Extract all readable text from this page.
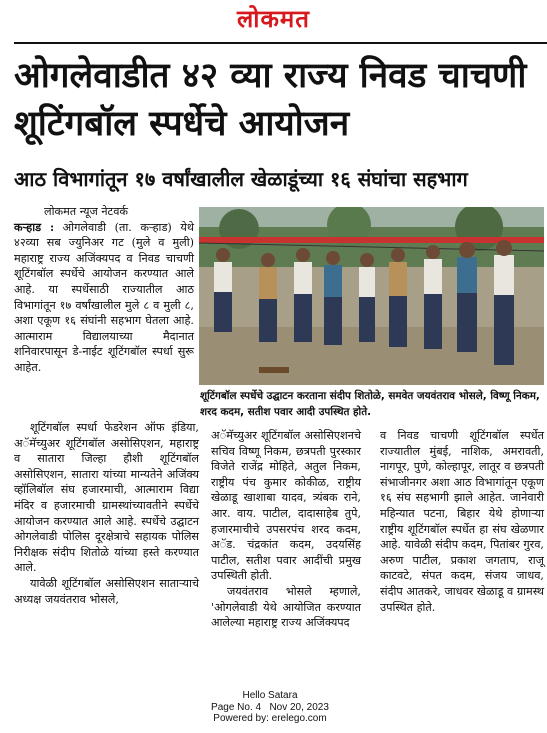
लोकमत
ओगलेवाडीत ४२ व्या राज्य निवड चाचणी शूटिंगबॉल स्पर्धेचे आयोजन
आठ विभागांतून १७ वर्षांखालील खेळाडूंच्या १६ संघांचा सहभाग

लोकमत न्यूज नेटवर्क

कऱ्हाड : ओगलेवाडी (ता. कऱ्हाड) येथे ४२व्या सब ज्युनिअर गट (मुले व मुली) महाराष्ट्र राज्य अजिंक्यपद व निवड चाचणी शूटिंगबॉल स्पर्धेचे आयोजन करण्यात आले आहे. या स्पर्धेसाठी राज्यातील आठ विभागांतून १७ वर्षांखालील मुले ८ व मुली ८, अशा एकूण १६ संघांनी सहभाग घेतला आहे. आत्माराम विद्यालयाच्या मैदानात शनिवारपासून डे-नाईट शूटिंगबॉल स्पर्धा सुरू आहेत.

शूटिंगबॉल स्पर्धा फेडरेशन ऑफ इंडिया, अॅमॅच्युअर शूटिंगबॉल असोसिएशन, महाराष्ट्र व सातारा जिल्हा हौशी शूटिंगबॉल असोसिएशन, सातारा यांच्या मान्यतेने अजिंक्य व्हॉलिबॉल संघ हजारमाची, आत्माराम विद्या मंदिर व हजारमाची ग्रामस्थांच्यावतीने स्पर्धेचे आयोजन करण्यात आले आहे. स्पर्धेचे उद्घाटन ओगलेवाडी पोलिस दूरक्षेत्राचे सहायक पोलिस निरीक्षक संदीप शितोळे यांच्या हस्ते करण्यात आले.

यावेळी शूटिंगबॉल असोसिएशन साताऱ्याचे अध्यक्ष जयवंतराव भोसले,

शूटिंगबॉल स्पर्धेचे उद्घाटन करताना संदीप शितोळे, समवेत जयवंतराव भोसले, विष्णू निकम, शरद कदम, सतीश पवार आदी उपस्थित होते.

अॅमॅच्युअर शूटिंगबॉल असोसिएशनचे सचिव विष्णू निकम, छत्रपती पुरस्कार विजेते राजेंद्र मोहिते, अतुल निकम, राष्ट्रीय पंच कुमार कोकीळ, राष्ट्रीय खेळाडू खाशाबा यादव, त्र्यंबक राने, आर. वाय. पाटील, दादासाहेब तुपे, हजारमाचीचे उपसरपंच शरद कदम, अॅड. चंद्रकांत कदम, उदयसिंह पाटील, सतीश पवार आदींची प्रमुख उपस्थिती होती.

जयवंतराव भोसले म्हणाले, 'ओगलेवाडी येथे आयोजित करण्यात आलेल्या महाराष्ट्र राज्य अजिंक्यपद

व निवड चाचणी शूटिंगबॉल स्पर्धेत राज्यातील मुंबई, नाशिक, अमरावती, नागपूर, पुणे, कोल्हापूर, लातूर व छत्रपती संभाजीनगर अशा आठ विभागांतून एकूण १६ संघ सहभागी झाले आहेत. जानेवारी महिन्यात पटना, बिहार येथे होणाऱ्या राष्ट्रीय शूटिंगबॉल स्पर्धेत हा संघ खेळणार आहे. यावेळी संदीप कदम, पितांबर गुरव, अरुण पाटील, प्रकाश जगताप, राजू काटवटे, संपत कदम, संजय जाधव, संदीप आतकरे, जाधवर खेळाडू व ग्रामस्थ उपस्थित होते.

Hello Satara
Page No. 4 Nov 20, 2023
Powered by: erelego.com
